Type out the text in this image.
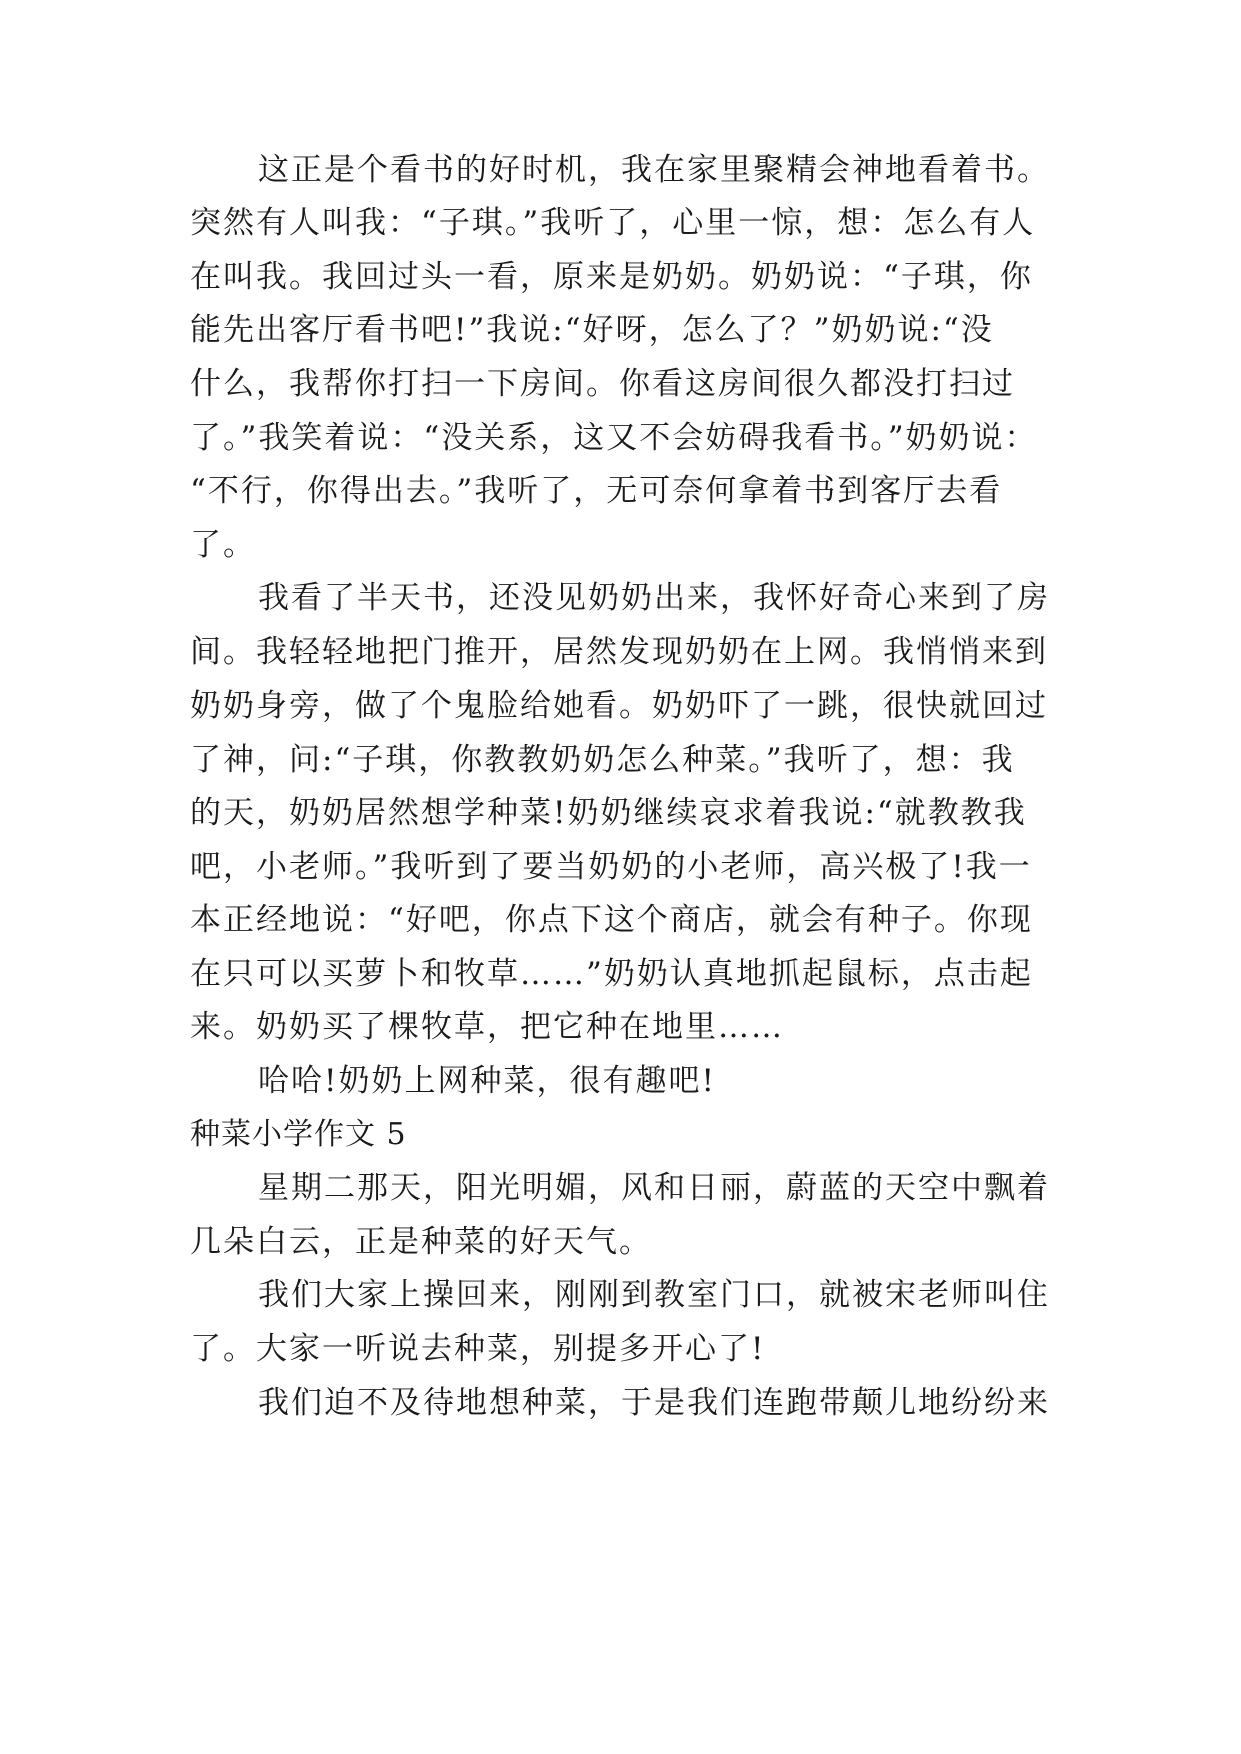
这正是个看书的好时机，我在家里聚精会神地看着书。
突然有人叫我：“子琪。”我听了，心里一惊，想：怎么有人
在叫我。我回过头一看，原来是奶奶。奶奶说：“子琪，你
能先出客厅看书吧!”我说:“好呀，怎么了？”奶奶说:“没
什么，我帮你打扫一下房间。你看这房间很久都没打扫过
了。”我笑着说：“没关系，这又不会妨碍我看书。”奶奶说：
“不行，你得出去。”我听了，无可奈何拿着书到客厅去看
了。
我看了半天书，还没见奶奶出来，我怀好奇心来到了房
间。我轻轻地把门推开，居然发现奶奶在上网。我悄悄来到
奶奶身旁，做了个鬼脸给她看。奶奶吓了一跳，很快就回过
了神，问:“子琪，你教教奶奶怎么种菜。”我听了，想：我
的天，奶奶居然想学种菜!奶奶继续哀求着我说:“就教教我
吧，小老师。”我听到了要当奶奶的小老师，高兴极了!我一
本正经地说：“好吧，你点下这个商店，就会有种子。你现
在只可以买萝卜和牧草……”奶奶认真地抓起鼠标，点击起
来。奶奶买了棵牧草，把它种在地里……
哈哈!奶奶上网种菜，很有趣吧!
种菜小学作文 5
星期二那天，阳光明媚，风和日丽，蔚蓝的天空中飘着
几朵白云，正是种菜的好天气。
我们大家上操回来，刚刚到教室门口，就被宋老师叫住
了。大家一听说去种菜，别提多开心了!
我们迫不及待地想种菜，于是我们连跑带颠儿地纷纷来
